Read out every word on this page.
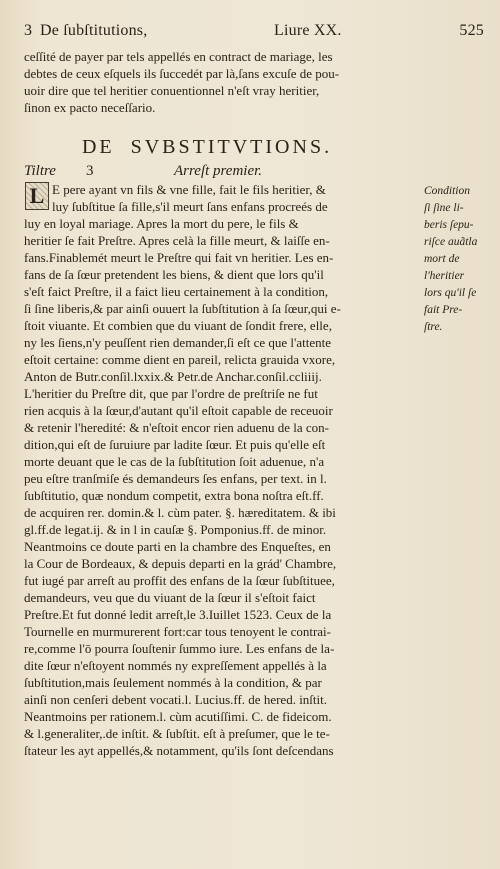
3 De ſubſtitutions,	Liure XX.	525
ceſſité de payer par tels appellés en contract de mariage, les
debtes de ceux eſquels ils ſuccedét par là,ſans excuſe de pou-
uoir dire que tel heritier conuentionnel n'eſt vray heritier,
ſinon ex pacto neceſſario.
DE SVBSTITVTIONS.
Tiltre 3	Arreſt premier.
L E pere ayant vn fils & vne fille, fait le fils heritier, &
luy ſubſtitue ſa fille,s'il meurt ſans enfans procreés de
luy en loyal mariage. Apres la mort du pere, le fils &
heritier ſe fait Preſtre. Apres celà la fille meurt, & laiſſe en-
fans.Finablemét meurt le Preſtre qui fait vn heritier. Les en-
fans de ſa ſœur pretendent les biens, & dient que lors qu'il
s'eſt faict Preſtre, il a faict lieu certainement à la condition,
ſi ſine liberis,& par ainſi ouuert la ſubſtitution à ſa ſœur,qui e-
ſtoit viuante. Et combien que du viuant de ſondit frere, elle,
ny les ſiens,n'y peuſſent rien demander,ſi eſt ce que l'attente
eſtoit certaine: comme dient en pareil, relicta grauida vxore,
Anton de Butr.conſil.lxxix.& Petr.de Anchar.conſil.ccliiij.
L'heritier du Preſtre dit, que par l'ordre de preſtriſe ne fut
rien acquis à la ſœur,d'autant qu'il eſtoit capable de receuoir
& retenir l'heredité: & n'eſtoit encor rien aduenu de la con-
dition,qui eſt de ſuruiure par ladite ſœur. Et puis qu'elle eſt
morte deuant que le cas de la ſubſtitution ſoit aduenue, n'a
peu eſtre tranſmiſe és demandeurs ſes enfans, per text. in l.
ſubſtitutio, quæ nondum competit, extra bona noſtra eſt.ff.
de acquiren rer. domin.& l. cùm pater. §. hæreditatem. & ibi
gl.ff.de legat.ij. & in l in cauſæ §. Pomponius.ff. de minor.
Neantmoins ce doute parti en la chambre des Enqueſtes, en
la Cour de Bordeaux, & depuis departi en la grád' Chambre,
fut iugé par arreſt au proffit des enfans de la ſœur ſubſtituee,
demandeurs, veu que du viuant de la ſœur il s'eſtoit faict
Preſtre.Et fut donné ledit arreſt,le 3.Iuillet 1523. Ceux de la
Tournelle en murmurerent fort:car tous tenoyent le contrai-
re,comme l'ō pourra ſouſtenir ſummo iure. Les enfans de la-
dite ſœur n'eſtoyent nommés ny expreſſement appellés à la
ſubſtitution,mais ſeulement nommés à la condition, & par
ainſi non cenſeri debent vocati.l. Lucius.ff. de hered. inſtit.
Neantmoins per rationem.l. cùm acutiſſimi. C. de fideicom.
& l.generaliter,.de inſtit. & ſubſtit. eſt à preſumer, que le te-
ſtateur les ayt appellés,& notamment, qu'ils ſont deſcendans
Condition
ſi ſine li-
beris ſepu-
riſce auãtla
mort de
l'heritier
lors qu'il ſe
fait Pre-
ſtre.
